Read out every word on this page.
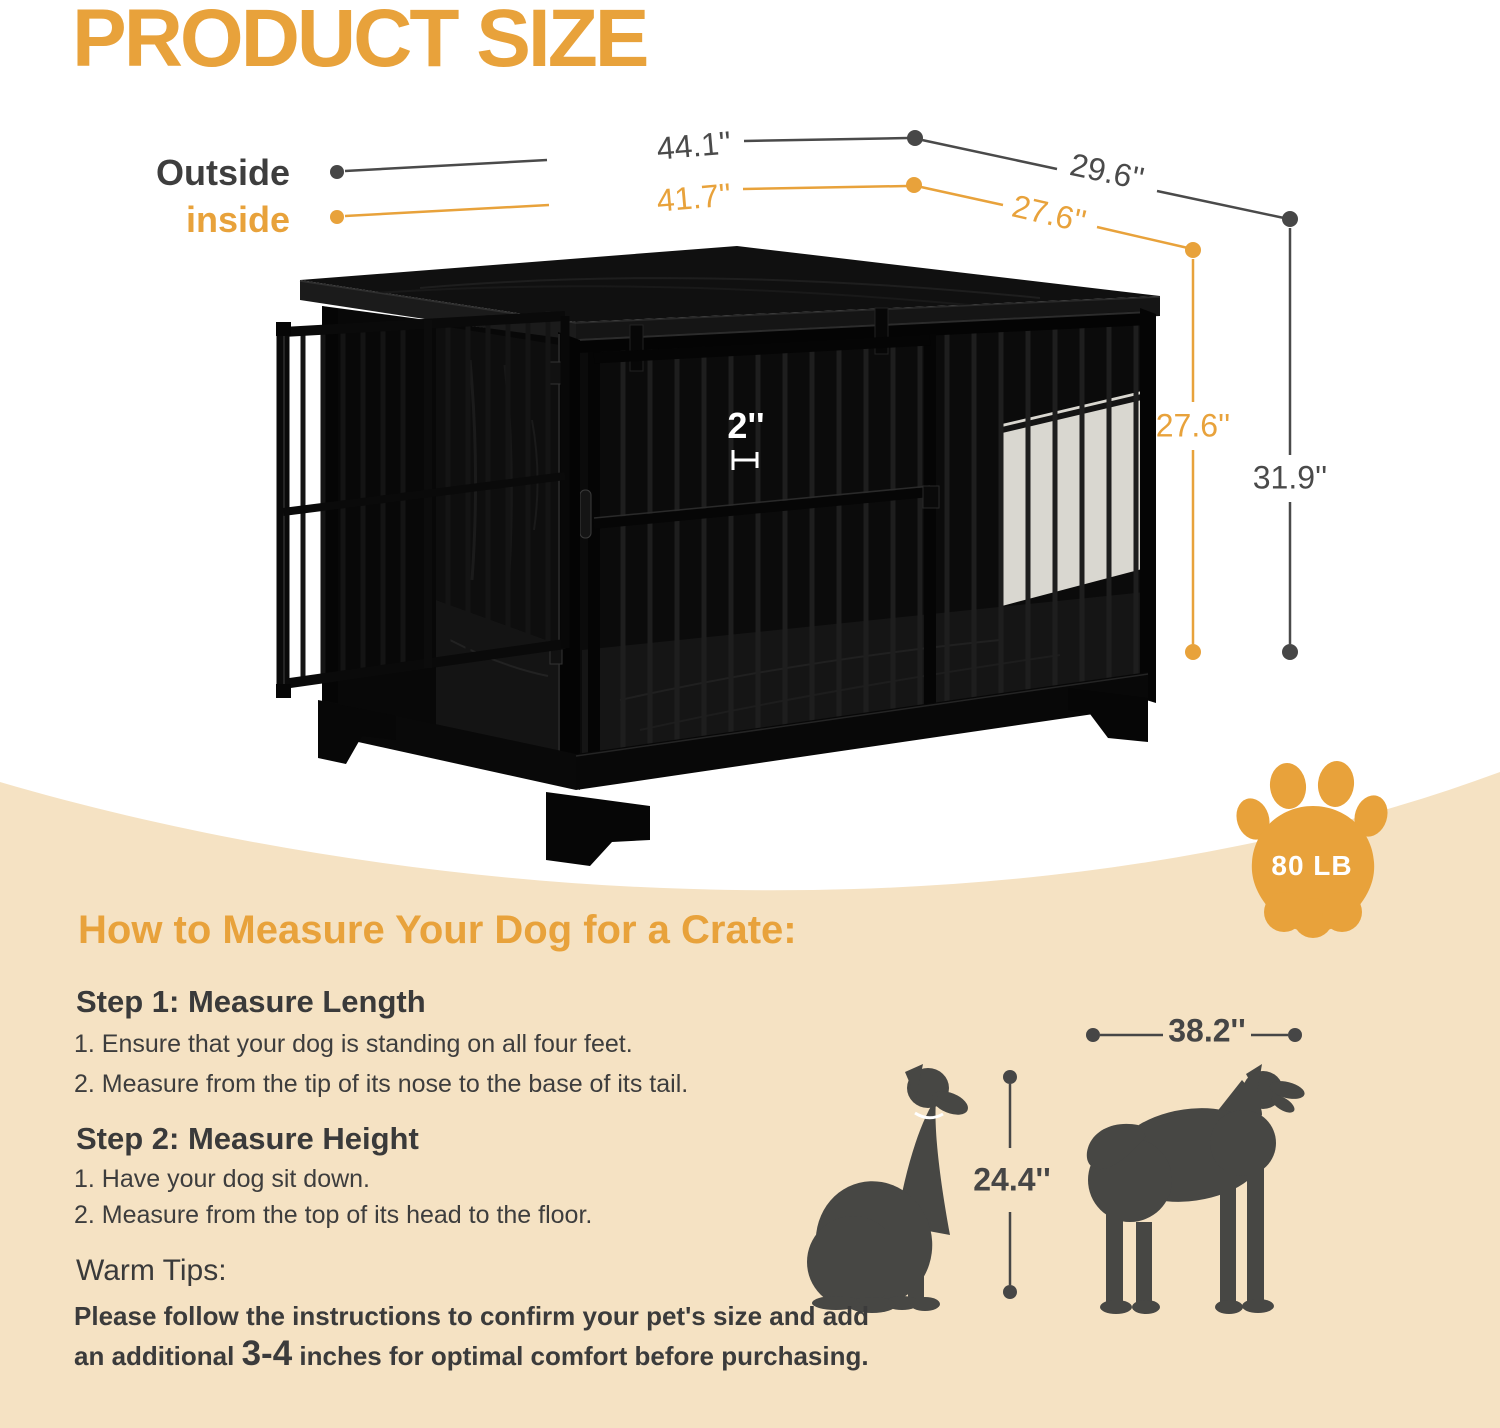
PRODUCT SIZE
Outside
inside
44.1''
41.7''
29.6''
27.6''
27.6''
31.9''
2''
80 LB
How to Measure Your Dog for a Crate:
Step 1: Measure Length
1. Ensure that your dog is standing on all four feet.
2. Measure from the tip of its nose to the base of its tail.
Step 2: Measure Height
1. Have your dog sit down.
2. Measure from the top of its head to the floor.
Warm Tips:
Please follow the instructions to confirm your pet's size and add
an additional 3-4 inches for optimal comfort before purchasing.
38.2''
24.4''
